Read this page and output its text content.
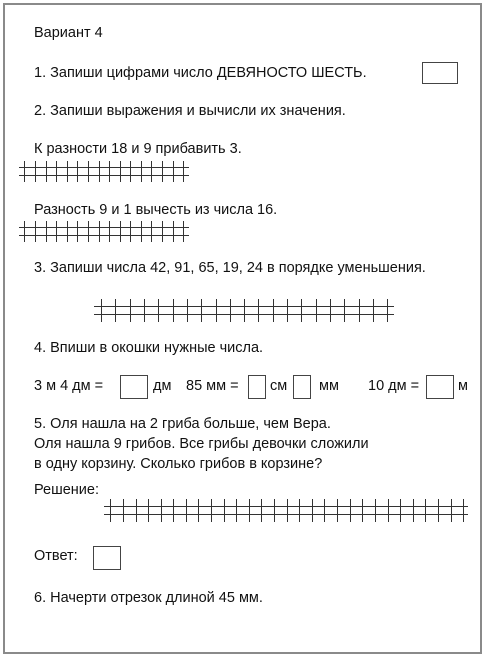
Вариант 4
1. Запиши цифрами число ДЕВЯНОСТО ШЕСТЬ.
2. Запиши выражения и вычисли их значения.
К разности 18 и 9 прибавить 3.
Разность 9 и 1 вычесть из числа 16.
3. Запиши числа 42, 91, 65, 19, 24 в порядке уменьшения.
4. Впиши в окошки нужные числа.
3 м 4 дм =	дм 85 мм = см мм 10 дм =	м
5. Оля нашла на 2 гриба больше, чем Вера.
Оля нашла 9 грибов. Все грибы девочки сложили
в одну корзину. Сколько грибов в корзине?
Решение:
Ответ:
6. Начерти отрезок длиной 45 мм.
